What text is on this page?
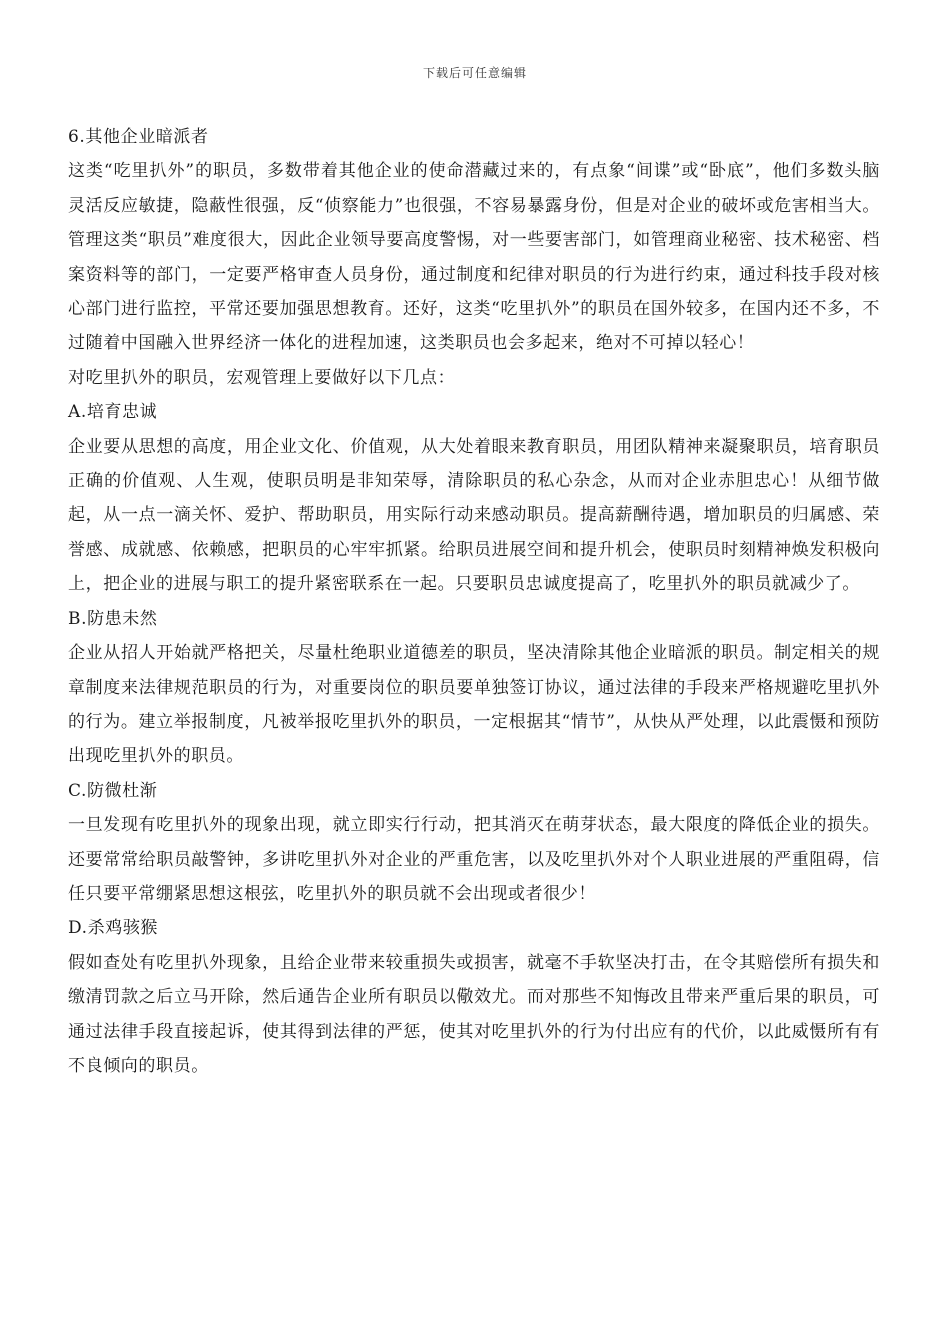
下载后可任意编辑

6.其他企业暗派者

这类“吃里扒外”的职员，多数带着其他企业的使命潜藏过来的，有点象“间谍”或“卧底”，他们多数头脑灵活反应敏捷，隐蔽性很强，反“侦察能力”也很强，不容易暴露身份，但是对企业的破坏或危害相当大。管理这类“职员”难度很大，因此企业领导要高度警惕，对一些要害部门，如管理商业秘密、技术秘密、档案资料等的部门，一定要严格审查人员身份，通过制度和纪律对职员的行为进行约束，通过科技手段对核心部门进行监控，平常还要加强思想教育。还好，这类“吃里扒外”的职员在国外较多，在国内还不多，不过随着中国融入世界经济一体化的进程加速，这类职员也会多起来，绝对不可掉以轻心！

对吃里扒外的职员，宏观管理上要做好以下几点：

A.培育忠诚

企业要从思想的高度，用企业文化、价值观，从大处着眼来教育职员，用团队精神来凝聚职员，培育职员正确的价值观、人生观，使职员明是非知荣辱，清除职员的私心杂念，从而对企业赤胆忠心！从细节做起，从一点一滴关怀、爱护、帮助职员，用实际行动来感动职员。提高薪酬待遇，增加职员的归属感、荣誉感、成就感、依赖感，把职员的心牢牢抓紧。给职员进展空间和提升机会，使职员时刻精神焕发积极向上，把企业的进展与职工的提升紧密联系在一起。只要职员忠诚度提高了，吃里扒外的职员就减少了。

B.防患未然

企业从招人开始就严格把关，尽量杜绝职业道德差的职员，坚决清除其他企业暗派的职员。制定相关的规章制度来法律规范职员的行为，对重要岗位的职员要单独签订协议，通过法律的手段来严格规避吃里扒外的行为。建立举报制度，凡被举报吃里扒外的职员，一定根据其“情节”，从快从严处理，以此震慑和预防出现吃里扒外的职员。

C.防微杜渐

一旦发现有吃里扒外的现象出现，就立即实行行动，把其消灭在萌芽状态，最大限度的降低企业的损失。还要常常给职员敲警钟，多讲吃里扒外对企业的严重危害，以及吃里扒外对个人职业进展的严重阻碍，信任只要平常绷紧思想这根弦，吃里扒外的职员就不会出现或者很少！

D.杀鸡骇猴

假如查处有吃里扒外现象，且给企业带来较重损失或损害，就毫不手软坚决打击，在令其赔偿所有损失和缴清罚款之后立马开除，然后通告企业所有职员以儆效尤。而对那些不知悔改且带来严重后果的职员，可通过法律手段直接起诉，使其得到法律的严惩，使其对吃里扒外的行为付出应有的代价，以此威慑所有有不良倾向的职员。
